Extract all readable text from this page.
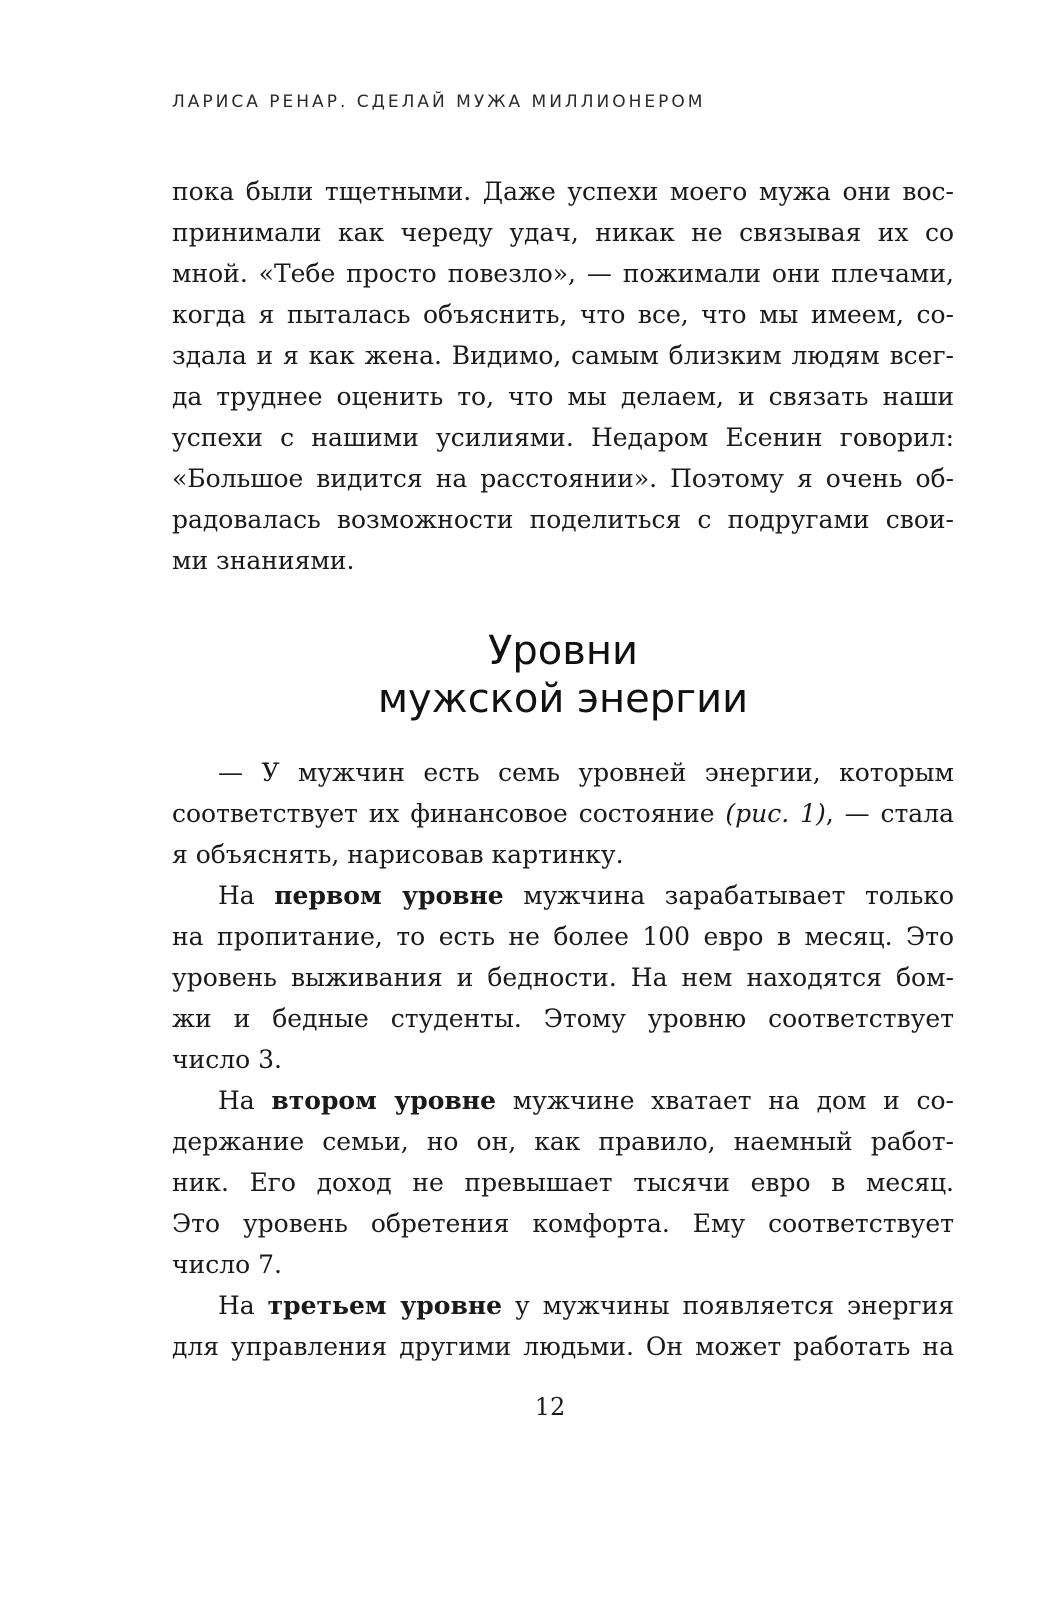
ЛАРИСА РЕНАР. СДЕЛАЙ МУЖА МИЛЛИОНЕРОМ
пока были тщетными. Даже успехи моего мужа они вос-
принимали как череду удач, никак не связывая их со
мной. «Тебе просто повезло», — пожимали они плечами,
когда я пыталась объяснить, что все, что мы имеем, со-
здала и я как жена. Видимо, самым близким людям всег-
да труднее оценить то, что мы делаем, и связать наши
успехи с нашими усилиями. Недаром Есенин говорил:
«Большое видится на расстоянии». Поэтому я очень об-
радовалась возможности поделиться с подругами свои-
ми знаниями.
Уровни
мужской энергии
— У мужчин есть семь уровней энергии, которым
соответствует их финансовое состояние (рис. 1), — стала
я объяснять, нарисовав картинку.
На первом уровне мужчина зарабатывает только
на пропитание, то есть не более 100 евро в месяц. Это
уровень выживания и бедности. На нем находятся бом-
жи и бедные студенты. Этому уровню соответствует
число 3.
На втором уровне мужчине хватает на дом и со-
держание семьи, но он, как правило, наемный работ-
ник. Его доход не превышает тысячи евро в месяц.
Это уровень обретения комфорта. Ему соответствует
число 7.
На третьем уровне у мужчины появляется энергия
для управления другими людьми. Он может работать на
12
